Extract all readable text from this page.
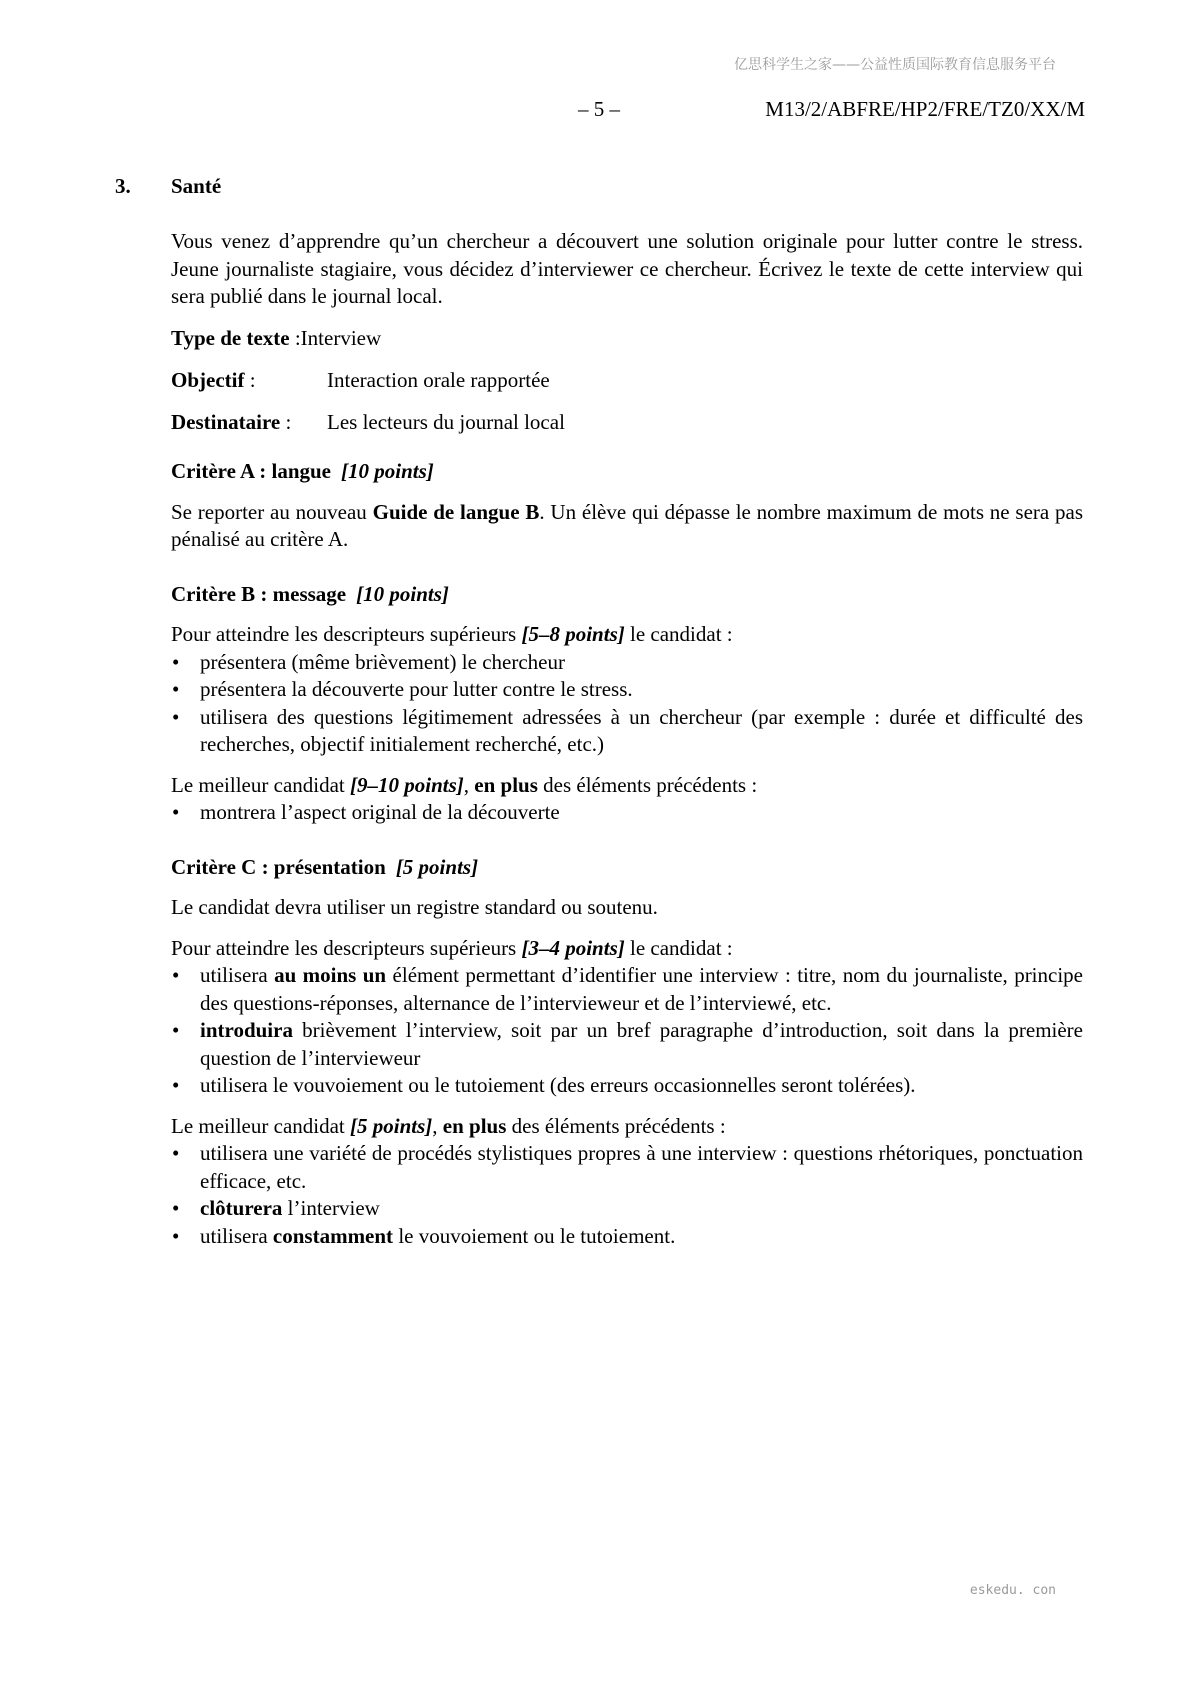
亿思科学生之家——公益性质国际教育信息服务平台
– 5 –	M13/2/ABFRE/HP2/FRE/TZ0/XX/M
3. Santé

Vous venez d’apprendre qu’un chercheur a découvert une solution originale pour lutter contre le stress. Jeune journaliste stagiaire, vous décidez d’interviewer ce chercheur. Écrivez le texte de cette interview qui sera publié dans le journal local.

Type de texte : Interview
Objectif :	Interaction orale rapportée
Destinataire :	Les lecteurs du journal local

Critère A : langue [10 points]

Se reporter au nouveau Guide de langue B. Un élève qui dépasse le nombre maximum de mots ne sera pas pénalisé au critère A.

Critère B : message [10 points]

Pour atteindre les descripteurs supérieurs [5–8 points] le candidat :

• présentera (même brièvement) le chercheur
• présentera la découverte pour lutter contre le stress.
• utilisera des questions légitimement adressées à un chercheur (par exemple : durée et difficulté des recherches, objectif initialement recherché, etc.)

Le meilleur candidat [9–10 points], en plus des éléments précédents :

• montrera l’aspect original de la découverte

Critère C : présentation [5 points]

Le candidat devra utiliser un registre standard ou soutenu.

Pour atteindre les descripteurs supérieurs [3–4 points] le candidat :

• utilisera au moins un élément permettant d’identifier une interview : titre, nom du journaliste, principe des questions-réponses, alternance de l’intervieweur et de l’interviewé, etc.
• introduira brièvement l’interview, soit par un bref paragraphe d’introduction, soit dans la première question de l’intervieweur
• utilisera le vouvoiement ou le tutoiement (des erreurs occasionnelles seront tolérées).

Le meilleur candidat [5 points], en plus des éléments précédents :

• utilisera une variété de procédés stylistiques propres à une interview : questions rhétoriques, ponctuation efficace, etc.
• clôturera l’interview
• utilisera constamment le vouvoiement ou le tutoiement.
eskedu. con
